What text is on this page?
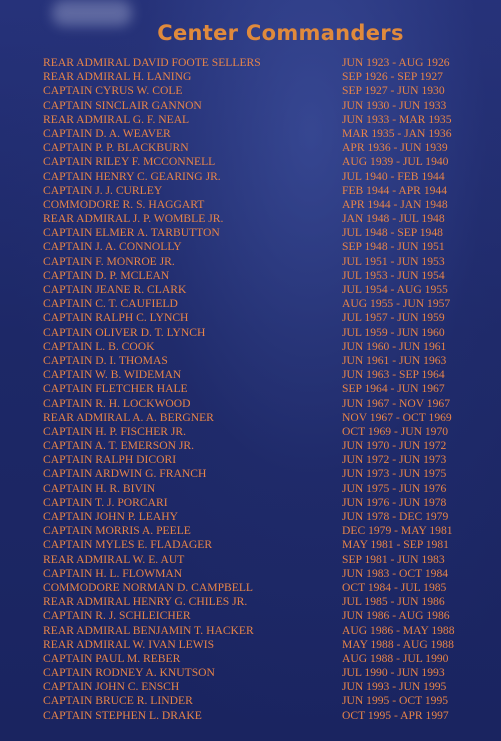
Center Commanders
REAR ADMIRAL DAVID FOOTE SELLERS	JUN 1923 - AUG 1926
REAR ADMIRAL H. LANING	SEP 1926 - SEP 1927
CAPTAIN CYRUS W. COLE	SEP 1927 - JUN 1930
CAPTAIN SINCLAIR GANNON	JUN 1930 - JUN 1933
REAR ADMIRAL G. F. NEAL	JUN 1933 - MAR 1935
CAPTAIN D. A. WEAVER	MAR 1935 - JAN 1936
CAPTAIN P. P. BLACKBURN	APR 1936 - JUN 1939
CAPTAIN RILEY F. MCCONNELL	AUG 1939 - JUL 1940
CAPTAIN HENRY C. GEARING JR.	JUL 1940 - FEB 1944
CAPTAIN J. J. CURLEY	FEB 1944 - APR 1944
COMMODORE R. S. HAGGART	APR 1944 - JAN 1948
REAR ADMIRAL J. P. WOMBLE JR.	JAN 1948 - JUL 1948
CAPTAIN ELMER A. TARBUTTON	JUL 1948 - SEP 1948
CAPTAIN J. A. CONNOLLY	SEP 1948 - JUN 1951
CAPTAIN F. MONROE JR.	JUL 1951 - JUN 1953
CAPTAIN D. P. MCLEAN	JUL 1953 - JUN 1954
CAPTAIN JEANE R. CLARK	JUL 1954 - AUG 1955
CAPTAIN C. T. CAUFIELD	AUG 1955 - JUN 1957
CAPTAIN RALPH C. LYNCH	JUL 1957 - JUN 1959
CAPTAIN OLIVER D. T. LYNCH	JUL 1959 - JUN 1960
CAPTAIN L. B. COOK	JUN 1960 - JUN 1961
CAPTAIN D. I. THOMAS	JUN 1961 - JUN 1963
CAPTAIN W. B. WIDEMAN	JUN 1963 - SEP 1964
CAPTAIN FLETCHER HALE	SEP 1964 - JUN 1967
CAPTAIN R. H. LOCKWOOD	JUN 1967 - NOV 1967
REAR ADMIRAL A. A. BERGNER	NOV 1967 - OCT 1969
CAPTAIN H. P. FISCHER JR.	OCT 1969 - JUN 1970
CAPTAIN A. T. EMERSON JR.	JUN 1970 - JUN 1972
CAPTAIN RALPH DICORI	JUN 1972 - JUN 1973
CAPTAIN ARDWIN G. FRANCH	JUN 1973 - JUN 1975
CAPTAIN H. R. BIVIN	JUN 1975 - JUN 1976
CAPTAIN T. J. PORCARI	JUN 1976 - JUN 1978
CAPTAIN JOHN P. LEAHY	JUN 1978 - DEC 1979
CAPTAIN MORRIS A. PEELE	DEC 1979 - MAY 1981
CAPTAIN MYLES E. FLADAGER	MAY 1981 - SEP 1981
REAR ADMIRAL W. E. AUT	SEP 1981 - JUN 1983
CAPTAIN H. L. FLOWMAN	JUN 1983 - OCT 1984
COMMODORE NORMAN D. CAMPBELL	OCT 1984 - JUL 1985
REAR ADMIRAL HENRY G. CHILES JR.	JUL 1985 - JUN 1986
CAPTAIN R. J. SCHLEICHER	JUN 1986 - AUG 1986
REAR ADMIRAL BENJAMIN T. HACKER	AUG 1986 - MAY 1988
REAR ADMIRAL W. IVAN LEWIS	MAY 1988 - AUG 1988
CAPTAIN PAUL M. REBER	AUG 1988 - JUL 1990
CAPTAIN RODNEY A. KNUTSON	JUL 1990 - JUN 1993
CAPTAIN JOHN C. ENSCH	JUN 1993 - JUN 1995
CAPTAIN BRUCE R. LINDER	JUN 1995 - OCT 1995
CAPTAIN STEPHEN L. DRAKE	OCT 1995 - APR 1997
